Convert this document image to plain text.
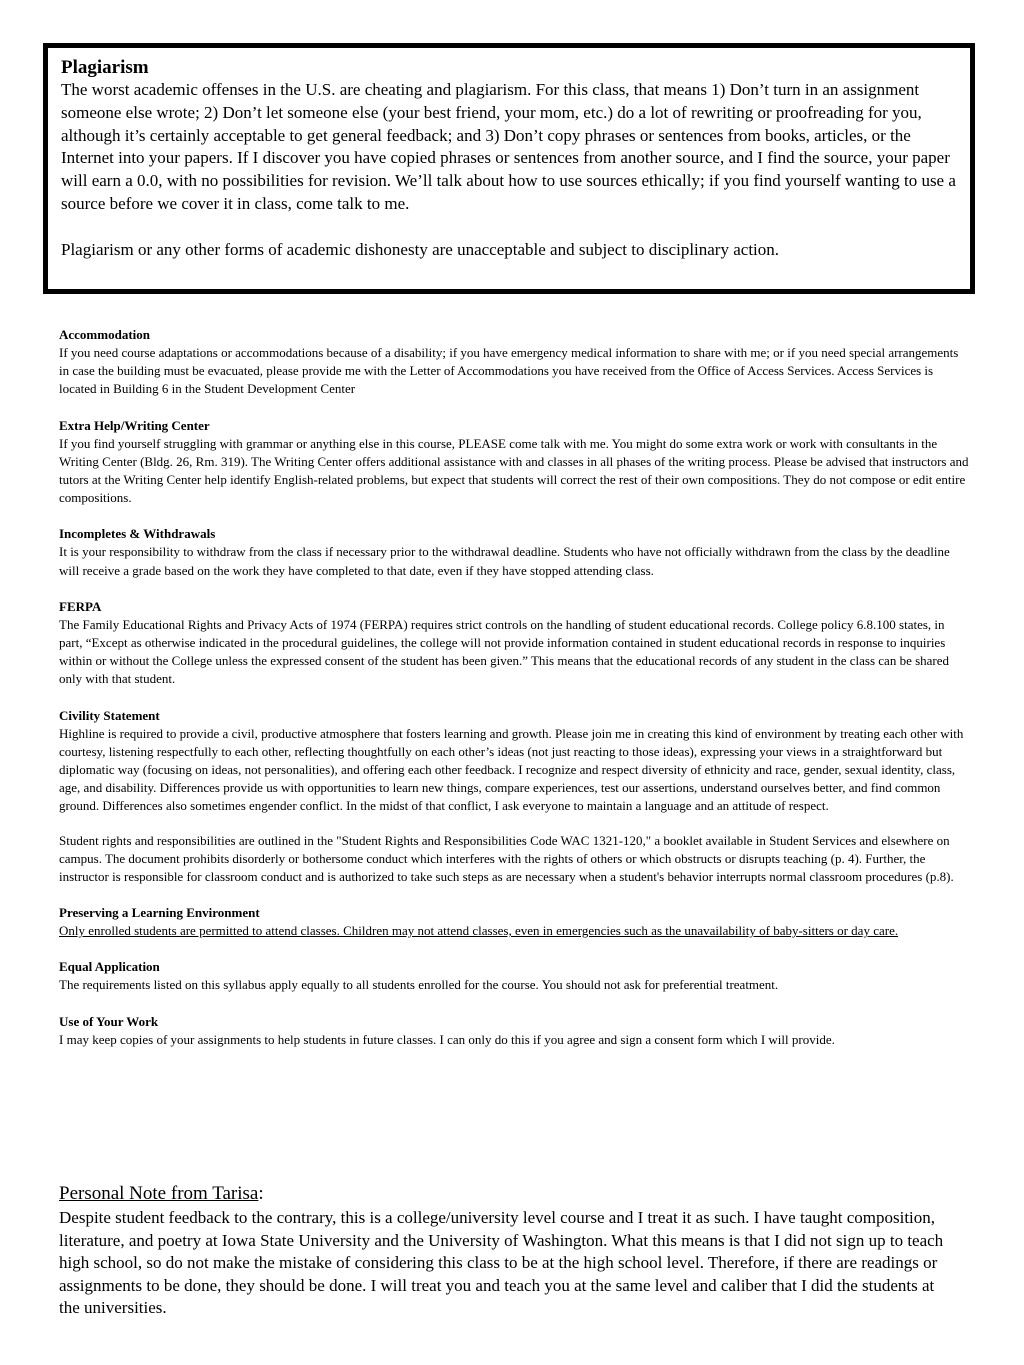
Plagiarism

The worst academic offenses in the U.S. are cheating and plagiarism. For this class, that means 1) Don’t turn in an assignment someone else wrote; 2) Don’t let someone else (your best friend, your mom, etc.) do a lot of rewriting or proofreading for you, although it’s certainly acceptable to get general feedback; and 3) Don’t copy phrases or sentences from books, articles, or the Internet into your papers. If I discover you have copied phrases or sentences from another source, and I find the source, your paper will earn a 0.0, with no possibilities for revision. We’ll talk about how to use sources ethically; if you find yourself wanting to use a source before we cover it in class, come talk to me.

Plagiarism or any other forms of academic dishonesty are unacceptable and subject to disciplinary action.

Accommodation

If you need course adaptations or accommodations because of a disability; if you have emergency medical information to share with me; or if you need special arrangements in case the building must be evacuated, please provide me with the Letter of Accommodations you have received from the Office of Access Services. Access Services is located in Building 6 in the Student Development Center

Extra Help/Writing Center

If you find yourself struggling with grammar or anything else in this course, PLEASE come talk with me. You might do some extra work or work with consultants in the Writing Center (Bldg. 26, Rm. 319). The Writing Center offers additional assistance with and classes in all phases of the writing process. Please be advised that instructors and tutors at the Writing Center help identify English-related problems, but expect that students will correct the rest of their own compositions. They do not compose or edit entire compositions.

Incompletes & Withdrawals

It is your responsibility to withdraw from the class if necessary prior to the withdrawal deadline. Students who have not officially withdrawn from the class by the deadline will receive a grade based on the work they have completed to that date, even if they have stopped attending class.

FERPA

The Family Educational Rights and Privacy Acts of 1974 (FERPA) requires strict controls on the handling of student educational records. College policy 6.8.100 states, in part, “Except as otherwise indicated in the procedural guidelines, the college will not provide information contained in student educational records in response to inquiries within or without the College unless the expressed consent of the student has been given.” This means that the educational records of any student in the class can be shared only with that student.

Civility Statement

Highline is required to provide a civil, productive atmosphere that fosters learning and growth. Please join me in creating this kind of environment by treating each other with courtesy, listening respectfully to each other, reflecting thoughtfully on each other’s ideas (not just reacting to those ideas), expressing your views in a straightforward but diplomatic way (focusing on ideas, not personalities), and offering each other feedback. I recognize and respect diversity of ethnicity and race, gender, sexual identity, class, age, and disability. Differences provide us with opportunities to learn new things, compare experiences, test our assertions, understand ourselves better, and find common ground. Differences also sometimes engender conflict. In the midst of that conflict, I ask everyone to maintain a language and an attitude of respect.

Student rights and responsibilities are outlined in the "Student Rights and Responsibilities Code WAC 1321-120," a booklet available in Student Services and elsewhere on campus. The document prohibits disorderly or bothersome conduct which interferes with the rights of others or which obstructs or disrupts teaching (p. 4). Further, the instructor is responsible for classroom conduct and is authorized to take such steps as are necessary when a student's behavior interrupts normal classroom procedures (p.8).

Preserving a Learning Environment

Only enrolled students are permitted to attend classes. Children may not attend classes, even in emergencies such as the unavailability of baby-sitters or day care.

Equal Application

The requirements listed on this syllabus apply equally to all students enrolled for the course. You should not ask for preferential treatment.

Use of Your Work

I may keep copies of your assignments to help students in future classes. I can only do this if you agree and sign a consent form which I will provide.

Personal Note from Tarisa:

Despite student feedback to the contrary, this is a college/university level course and I treat it as such. I have taught composition, literature, and poetry at Iowa State University and the University of Washington. What this means is that I did not sign up to teach high school, so do not make the mistake of considering this class to be at the high school level. Therefore, if there are readings or assignments to be done, they should be done. I will treat you and teach you at the same level and caliber that I did the students at the universities.
